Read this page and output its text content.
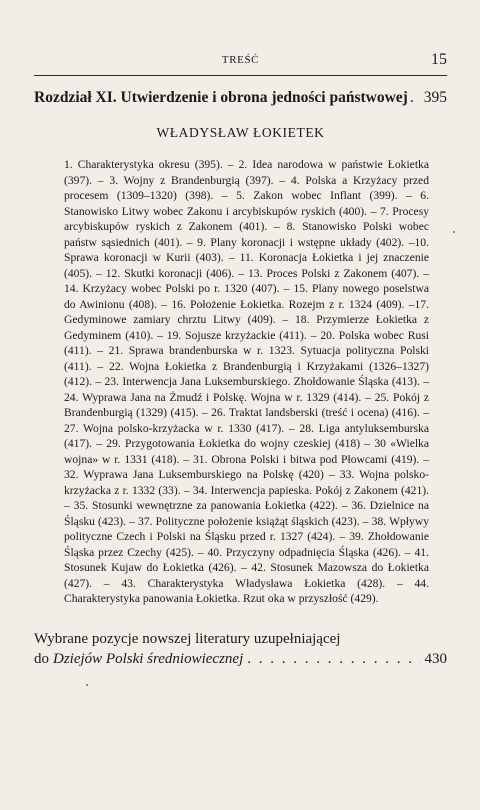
TREŚĆ	15
Rozdział XI. Utwierdzenie i obrona jedności państwowej . . . 395
WŁADYSŁAW ŁOKIETEK

1. Charakterystyka okresu (395). – 2. Idea narodowa w państwie Łokietka (397). – 3. Wojny z Brandenburgią (397). – 4. Polska a Krzyżacy przed procesem (1309–1320) (398). – 5. Zakon wobec Inflant (399). – 6. Stanowisko Litwy wobec Zakonu i arcybiskupów ryskich (400). – 7. Procesy arcybiskupów ryskich z Zakonem (401). – 8. Stanowisko Polski wobec państw sąsiednich (401). – 9. Plany koronacji i wstępne układy (402). –10. Sprawa koronacji w Kurii (403). – 11. Koronacja Łokietka i jej znaczenie (405). – 12. Skutki koronacji (406). – 13. Proces Polski z Zakonem (407). –14. Krzyżacy wobec Polski po r. 1320 (407). – 15. Plany nowego poselstwa do Awinionu (408). – 16. Położenie Łokietka. Rozejm z r. 1324 (409). –17. Gedyminowe zamiary chrztu Litwy (409). – 18. Przymierze Łokietka z Gedyminem (410). – 19. Sojusze krzyżackie (411). – 20. Polska wobec Rusi (411). – 21. Sprawa brandenburska w r. 1323. Sytuacja polityczna Polski (411). – 22. Wojna Łokietka z Brandenburgią i Krzyżakami (1326–1327) (412). – 23. Interwencja Jana Luksemburskiego. Zhołdowanie Śląska (413). – 24. Wyprawa Jana na Żmudź i Polskę. Wojna w r. 1329 (414). – 25. Pokój z Brandenburgią (1329) (415). – 26. Traktat landsberski (treść i ocena) (416). – 27. Wojna polsko-krzyżacka w r. 1330 (417). – 28. Liga antyluksemburska (417). – 29. Przygotowania Łokietka do wojny czeskiej (418) – 30 «Wielka wojna» w r. 1331 (418). – 31. Obrona Polski i bitwa pod Płowcami (419). – 32. Wyprawa Jana Luksemburskiego na Polskę (420) – 33. Wojna polsko-krzyżacka z r. 1332 (33). – 34. Interwencja papieska. Pokój z Zakonem (421). – 35. Stosunki wewnętrzne za panowania Łokietka (422). – 36. Dzielnice na Śląsku (423). – 37. Polityczne położenie książąt śląskich (423). – 38. Wpływy polityczne Czech i Polski na Śląsku przed r. 1327 (424). – 39. Zhołdowanie Śląska przez Czechy (425). – 40. Przyczyny odpadnięcia Śląska (426). – 41. Stosunek Kujaw do Łokietka (426). – 42. Stosunek Mazowsza do Łokietka (427). – 43. Charakterystyka Władysława Łokietka (428). – 44. Charakterystyka panowania Łokietka. Rzut oka w przyszłość (429).

Wybrane pozycje nowszej literatury uzupełniającej
do Dziejów Polski średniowiecznej . . .	430
